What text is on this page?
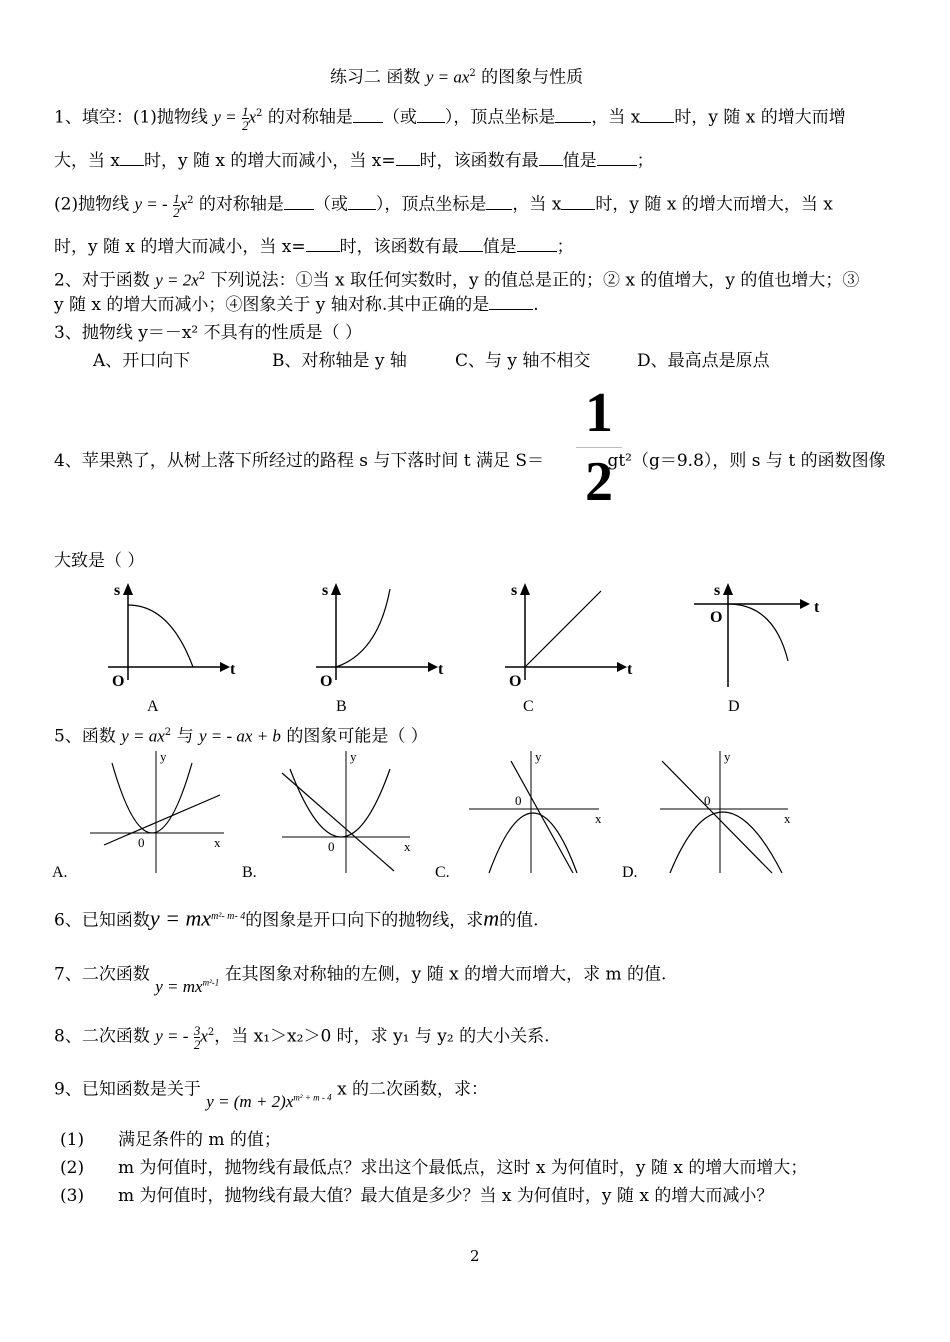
练习二 函数 $y = ax^2$ 的图象与性质
1、填空：(1)抛物线 $y = \frac{1}{2} x^2$ 的对称轴是 （或 ），顶点坐标是 ，当 x 时，y 随 x 的增大而增
大，当 x 时，y 随 x 的增大而减小，当 x= 时，该函数有最 值是 ；
(2)抛物线 y = - $\frac{1}{2} x^2$ 的对称轴是 （或 ），顶点坐标是 ，当 x 时，y 随 x 的增大而增大，当 x
时，y 随 x 的增大而减小，当 x= 时，该函数有最 值是 ；
2、对于函数 $y = 2x^2$ 下列说法：①当 x 取任何实数时，y 的值总是正的；② x 的值增大，y 的值也增大；③
y 随 x 的增大而减小；④图象关于 y 轴对称.其中正确的是	.
3、抛物线 y＝－x² 不具有的性质是（ ）
A、开口向下	B、对称轴是 y 轴	C、与 y 轴不相交	D、最高点是原点
4、苹果熟了，从树上落下所经过的路程 s 与下落时间 t 满足 S＝	gt²（g＝9.8），则 s 与 t 的函数图像
1
2
大致是（ ）
s
t
O
A
s
t
O
B
s
t
O
C
s
t
O
D
5、函数 $y = ax^2$ 与 y = - ax + b 的图象可能是（ ）
y
x
0
A.
y
x
0
B.
y
x
0
C.
y
x
0
D.
6、已知函数$y = mx^{m^2- m- 4}$的图象是开口向下的抛物线，求m的值.
7、二次函数 $y = mx^{m^2-1}$ 在其图象对称轴的左侧，y 随 x 的增大而增大，求 m 的值.
8、二次函数 y = - $\frac{3}{2} x^2$，当 x₁＞x₂＞0 时，求 y₁ 与 y₂ 的大小关系.
9、已知函数是关于 $y = (m + 2)x^{m^2 + m - 4}$ x 的二次函数，求：
(1) 满足条件的 m 的值；
(2) m 为何值时，抛物线有最低点？求出这个最低点，这时 x 为何值时，y 随 x 的增大而增大；
(3) m 为何值时，抛物线有最大值？最大值是多少？当 x 为何值时，y 随 x 的增大而减小？
2
